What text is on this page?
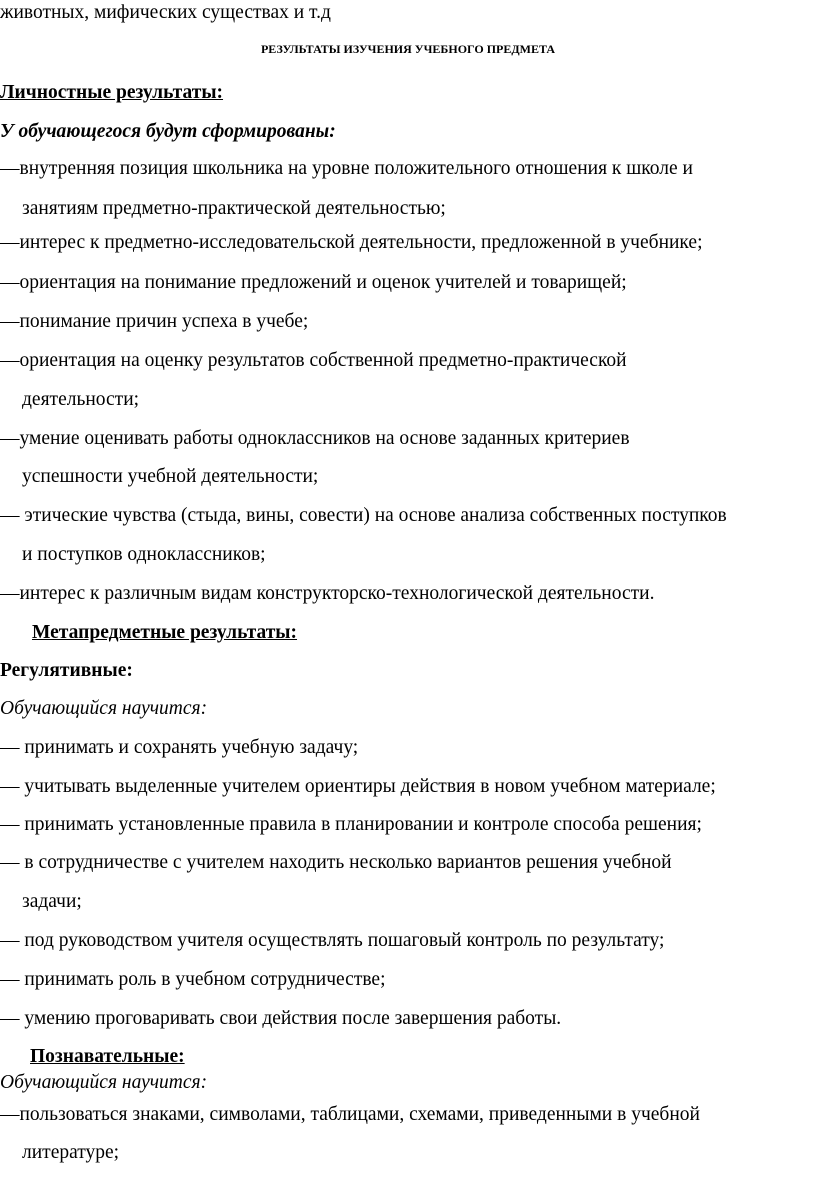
животных, мифических существах и т.д
РЕЗУЛЬТАТЫ ИЗУЧЕНИЯ УЧЕБНОГО ПРЕДМЕТА
Личностные результаты:
У обучающегося будут сформированы:
—внутренняя позиция школьника на уровне положительного отношения к школе и
занятиям предметно-практической деятельностью;
—интерес к предметно-исследовательской деятельности, предложенной в учебнике;
—ориентация на понимание предложений и оценок учителей и товарищей;
—понимание причин успеха в учебе;
—ориентация на оценку результатов собственной предметно-практической
деятельности;
—умение оценивать работы одноклассников на основе заданных критериев
успешности учебной деятельности;
— этические чувства (стыда, вины, совести) на основе анализа собственных поступков
и поступков одноклассников;
—интерес к различным видам конструкторско-технологической деятельности.
Метапредметные результаты:
Регулятивные:
Обучающийся научится:
— принимать и сохранять учебную задачу;
— учитывать выделенные учителем ориентиры действия в новом учебном материале;
— принимать установленные правила в планировании и контроле способа решения;
— в сотрудничестве с учителем находить несколько вариантов решения учебной
задачи;
— под руководством учителя осуществлять пошаговый контроль по результату;
— принимать роль в учебном сотрудничестве;
— умению проговаривать свои действия после завершения работы.
Познавательные:
Обучающийся научится:
—пользоваться знаками, символами, таблицами, схемами, приведенными в учебной
литературе;
